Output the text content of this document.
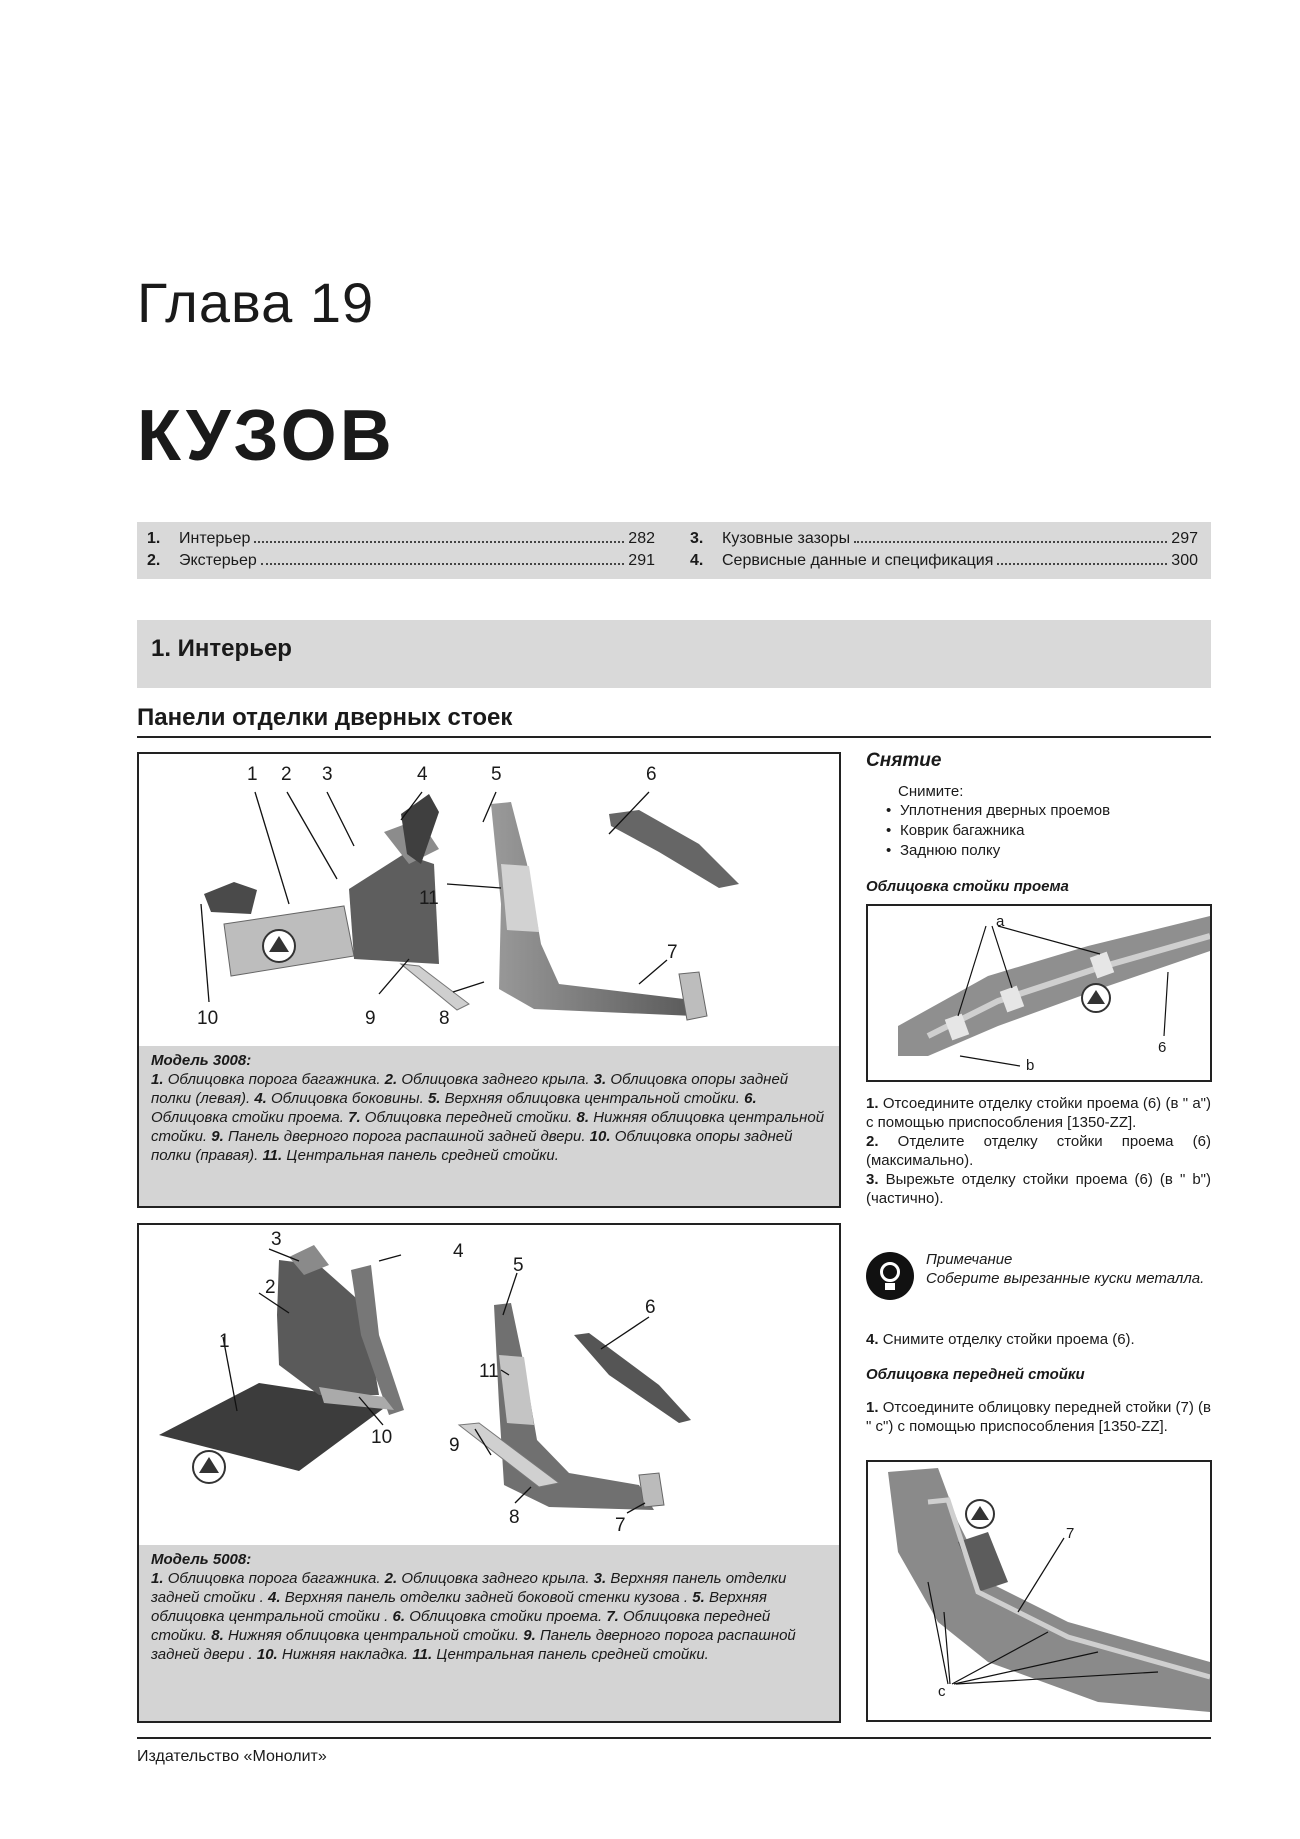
Глава 19
КУЗОВ
1.	Интерьер	282
2.	Экстерьер	291
3.	Кузовные зазоры	297
4.	Сервисные данные и спецификация	300
1. Интерьер
Панели отделки дверных стоек
1 2 3	4	5	6
11
7
10	9	8
Модель 3008:
1. Облицовка порога багажника. 2. Облицовка заднего крыла. 3. Облицовка опоры задней полки (левая). 4. Облицовка боковины. 5. Верхняя облицовка центральной стойки. 6. Облицовка стойки проема. 7. Облицовка передней стойки. 8. Нижняя облицовка центральной стойки. 9. Панель дверного порога распашной задней двери. 10. Облицовка опоры задней полки (правая). 11. Центральная панель средней стойки.
3
4
2
1
5
6
11
10	9
8	7
Модель 5008:
1. Облицовка порога багажника. 2. Облицовка заднего крыла. 3. Верхняя панель отделки задней стойки . 4. Верхняя панель отделки задней боковой стенки кузова . 5. Верхняя облицовка центральной стойки . 6. Облицовка стойки проема. 7. Облицовка передней стойки. 8. Нижняя облицовка центральной стойки. 9. Панель дверного порога распашной задней двери . 10. Нижняя накладка. 11. Центральная панель средней стойки.
Снятие
Снимите:
• Уплотнения дверных проемов
• Коврик багажника
• Заднюю полку
Облицовка стойки проема
a
b
6
1. Отсоедините отделку стойки проема (6) (в " a") с помощью приспособления [1350-ZZ].
2. Отделите отделку стойки проема (6) (максимально).
3. Вырежьте отделку стойки проема (6) (в " b") (частично).
Примечание
Соберите вырезанные куски металла.
4. Снимите отделку стойки проема (6).
Облицовка передней стойки
1. Отсоедините облицовку передней стойки (7) (в " c") с помощью приспособления [1350-ZZ].
7
c
Издательство «Монолит»
